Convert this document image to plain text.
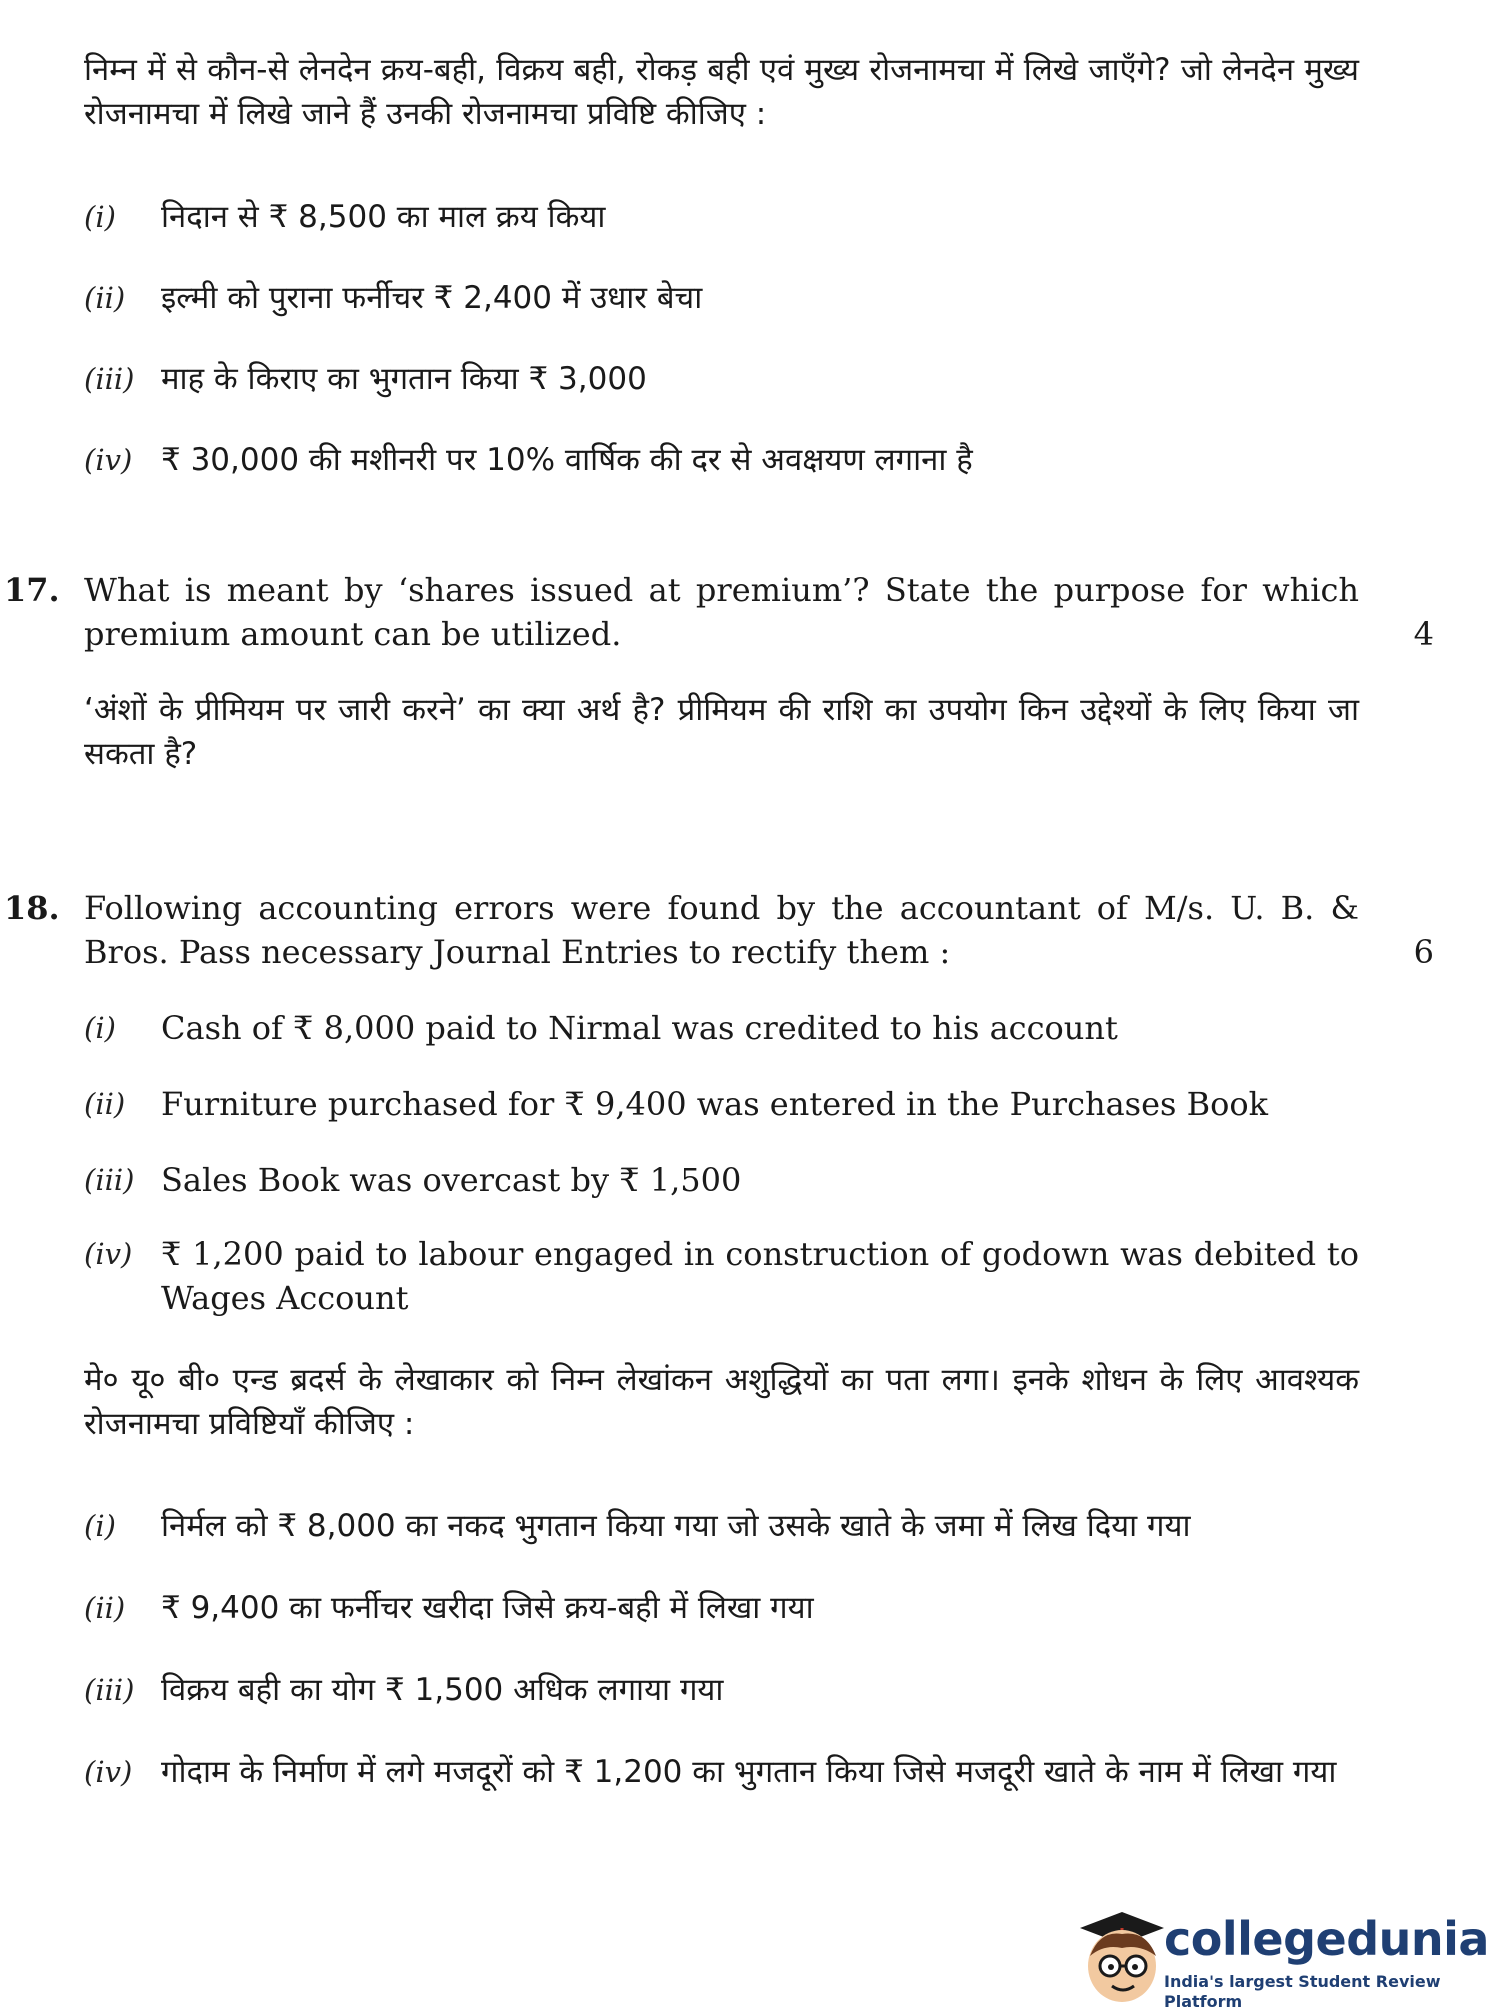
निम्न में से कौन-से लेनदेन क्रय-बही, विक्रय बही, रोकड़ बही एवं मुख्य रोजनामचा में लिखे जाएँगे? जो लेनदेन मुख्य रोजनामचा में लिखे जाने हैं उनकी रोजनामचा प्रविष्टि कीजिए :

(i)	निदान से ₹ 8,500 का माल क्रय किया
(ii)	इल्मी को पुराना फर्नीचर ₹ 2,400 में उधार बेचा
(iii) माह के किराए का भुगतान किया ₹ 3,000
(iv) ₹ 30,000 की मशीनरी पर 10% वार्षिक की दर से अवक्षयण लगाना है
17. What is meant by ‘shares issued at premium’? State the purpose for which premium amount can be utilized.	4

‘अंशों के प्रीमियम पर जारी करने’ का क्या अर्थ है? प्रीमियम की राशि का उपयोग किन उद्देश्यों के लिए किया जा सकता है?

18. Following accounting errors were found by the accountant of M/s. U. B. & Bros. Pass necessary Journal Entries to rectify them :	6
(i)	Cash of ₹ 8,000 paid to Nirmal was credited to his account
(ii)	Furniture purchased for ₹ 9,400 was entered in the Purchases Book
(iii) Sales Book was overcast by ₹ 1,500
(iv) ₹ 1,200 paid to labour engaged in construction of godown was debited to Wages Account

मे० यू० बी० एन्ड ब्रदर्स के लेखाकार को निम्न लेखांकन अशुद्धियों का पता लगा। इनके शोधन के लिए आवश्यक रोजनामचा प्रविष्टियाँ कीजिए :

(i)	निर्मल को ₹ 8,000 का नकद भुगतान किया गया जो उसके खाते के जमा में लिख दिया गया
(ii)	₹ 9,400 का फर्नीचर खरीदा जिसे क्रय-बही में लिखा गया
(iii) विक्रय बही का योग ₹ 1,500 अधिक लगाया गया
(iv) गोदाम के निर्माण में लगे मजदूरों को ₹ 1,200 का भुगतान किया जिसे मजदूरी खाते के नाम में लिखा गया
collegedunia
India's largest Student Review Platform
